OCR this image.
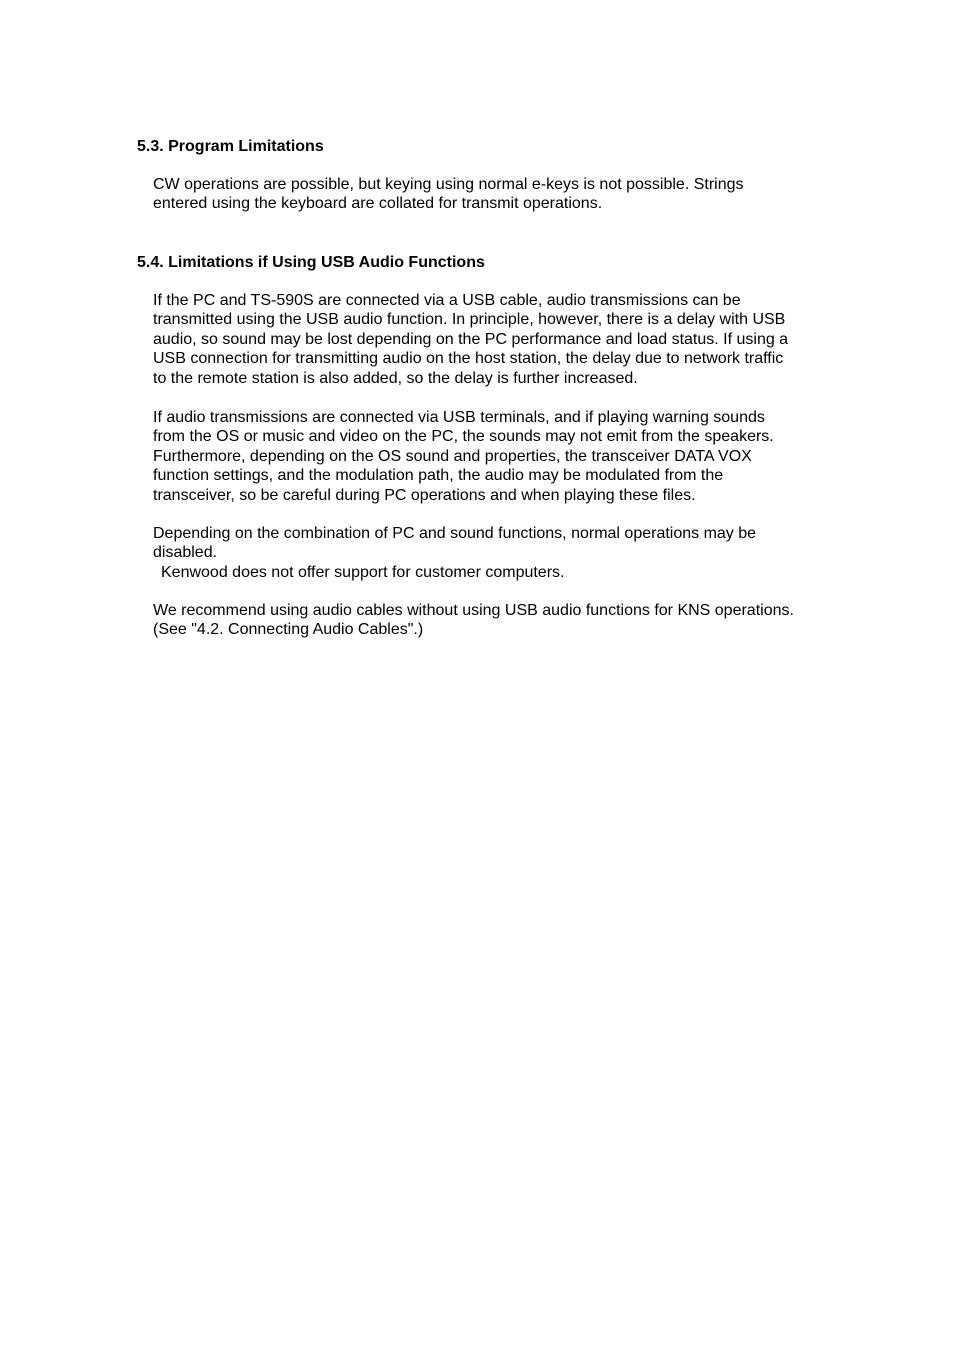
5.3. Program Limitations

CW operations are possible, but keying using normal e-keys is not possible. Strings
entered using the keyboard are collated for transmit operations.

5.4. Limitations if Using USB Audio Functions

If the PC and TS-590S are connected via a USB cable, audio transmissions can be
transmitted using the USB audio function. In principle, however, there is a delay with USB
audio, so sound may be lost depending on the PC performance and load status. If using a
USB connection for transmitting audio on the host station, the delay due to network traffic
to the remote station is also added, so the delay is further increased.

If audio transmissions are connected via USB terminals, and if playing warning sounds
from the OS or music and video on the PC, the sounds may not emit from the speakers.
Furthermore, depending on the OS sound and properties, the transceiver DATA VOX
function settings, and the modulation path, the audio may be modulated from the
transceiver, so be careful during PC operations and when playing these files.

Depending on the combination of PC and sound functions, normal operations may be
disabled.
Kenwood does not offer support for customer computers.

We recommend using audio cables without using USB audio functions for KNS operations.
(See "4.2. Connecting Audio Cables".)
